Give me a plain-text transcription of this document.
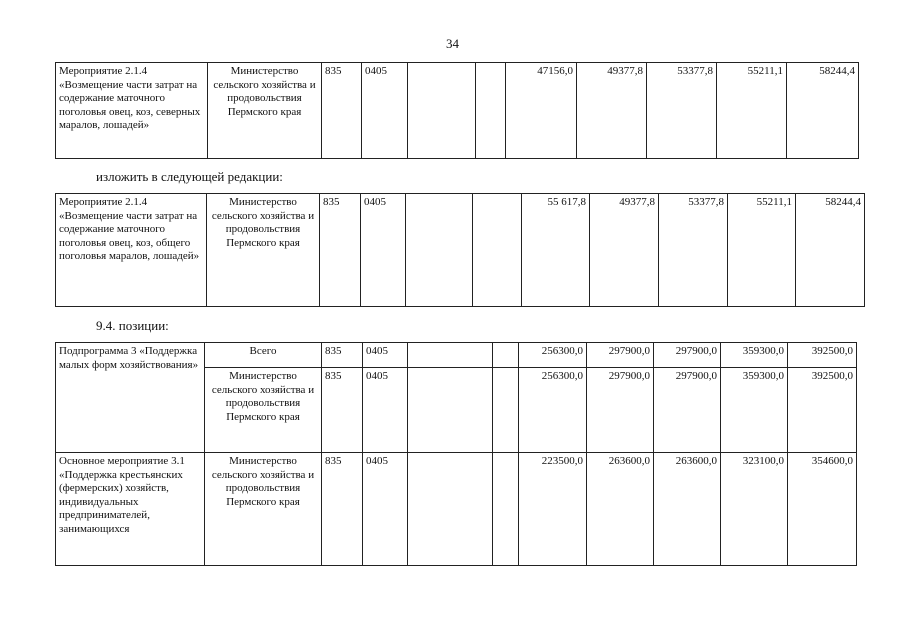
34
Мероприятие 2.1.4 «Возмещение части затрат на содержание маточного поголовья овец, коз, северных маралов, лошадей»	Министерство сельского хозяйства и продовольствия Пермского края	835	0405			47156,0	49377,8	53377,8	55211,1	58244,4
изложить в следующей редакции:
Мероприятие 2.1.4 «Возмещение части затрат на содержание маточного поголовья овец, коз, общего поголовья маралов, лошадей»	Министерство сельского хозяйства и продовольствия Пермского края	835	0405			55 617,8	49377,8	53377,8	55211,1	58244,4
9.4. позиции:
Подпрограмма 3 «Поддержка малых форм хозяйствования»	Всего	835	0405			256300,0	297900,0	297900,0	359300,0	392500,0
	Министерство сельского хозяйства и продовольствия Пермского края	835	0405			256300,0	297900,0	297900,0	359300,0	392500,0
Основное мероприятие 3.1 «Поддержка крестьянских (фермерских) хозяйств, индивидуальных предпринимателей, занимающихся	Министерство сельского хозяйства и продовольствия Пермского края	835	0405			223500,0	263600,0	263600,0	323100,0	354600,0
